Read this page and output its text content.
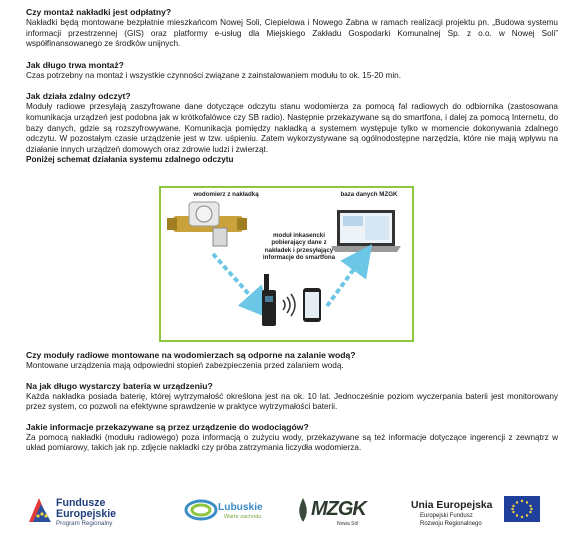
Czy montaż nakładki jest odpłatny?

Nakładki będą montowane bezpłatnie mieszkańcom Nowej Soli, Ciepielowa i Nowego Żabna w ramach realizacji projektu pn. „Budowa systemu informacji przestrzennej (GIS) oraz platformy e-usług dla Miejskiego Zakładu Gospodarki Komunalnej Sp. z o.o. w Nowej Soli” współfinansowanego ze środków unijnych.

Jak długo trwa montaż?

Czas potrzebny na montaż i wszystkie czynności związane z zainstalowaniem modułu to ok. 15-20 min.

Jak działa zdalny odczyt?

Moduły radiowe przesyłają zaszyfrowane dane dotyczące odczytu stanu wodomierza za pomocą fal radiowych do odbiornika (zastosowana komunikacja urządzeń jest podobna jak w krótkofalówce czy SB radio). Następnie przekazywane są do smartfona, i dalej za pomocą Internetu, do bazy danych, gdzie są rozszyfrowywane. Komunikacja pomiędzy nakładką a systemem występuje tylko w momencie dokonywania zdalnego odczytu. W pozostałym czasie urządzenie jest w tzw. uśpieniu. Zatem wykorzystywane są ogólnodostępne narzędzia, które nie mają wpływu na działanie innych urządzeń domowych oraz zdrowie ludzi i zwierząt.

Poniżej schemat działania systemu zdalnego odczytu

wodomierz z nakładką	baza danych MZGK
moduł inkasencki pobierający dane z nakładek i przesyłający informacje do smartfona

Czy moduły radiowe montowane na wodomierzach są odporne na zalanie wodą?

Montowane urządzenia mają odpowiedni stopień zabezpieczenia przed zalaniem wodą.

Na jak długo wystarczy bateria w urządzeniu?

Każda nakładka posiada baterię, której wytrzymałość określona jest na ok. 10 lat. Jednocześnie poziom wyczerpania baterii jest monitorowany przez system, co pozwoli na efektywne sprawdzenie w praktyce wytrzymałości baterii.

Jakie informacje przekazywane są przez urządzenie do wodociągów?

Za pomocą nakładki (modułu radiowego) poza informacją o zużyciu wody, przekazywane są też informacje dotyczące ingerencji z zewnątrz w układ pomiarowy, takich jak np. zdjęcie nakładki czy próba zatrzymania liczydła wodomierza.

Fundusze
Europejskie
Program Regionalny
Lubuskie
Warte zachodu MZGK
Nowa Sól
Unia Europejska
Europejski Fundusz
Rozwoju Regionalnego
